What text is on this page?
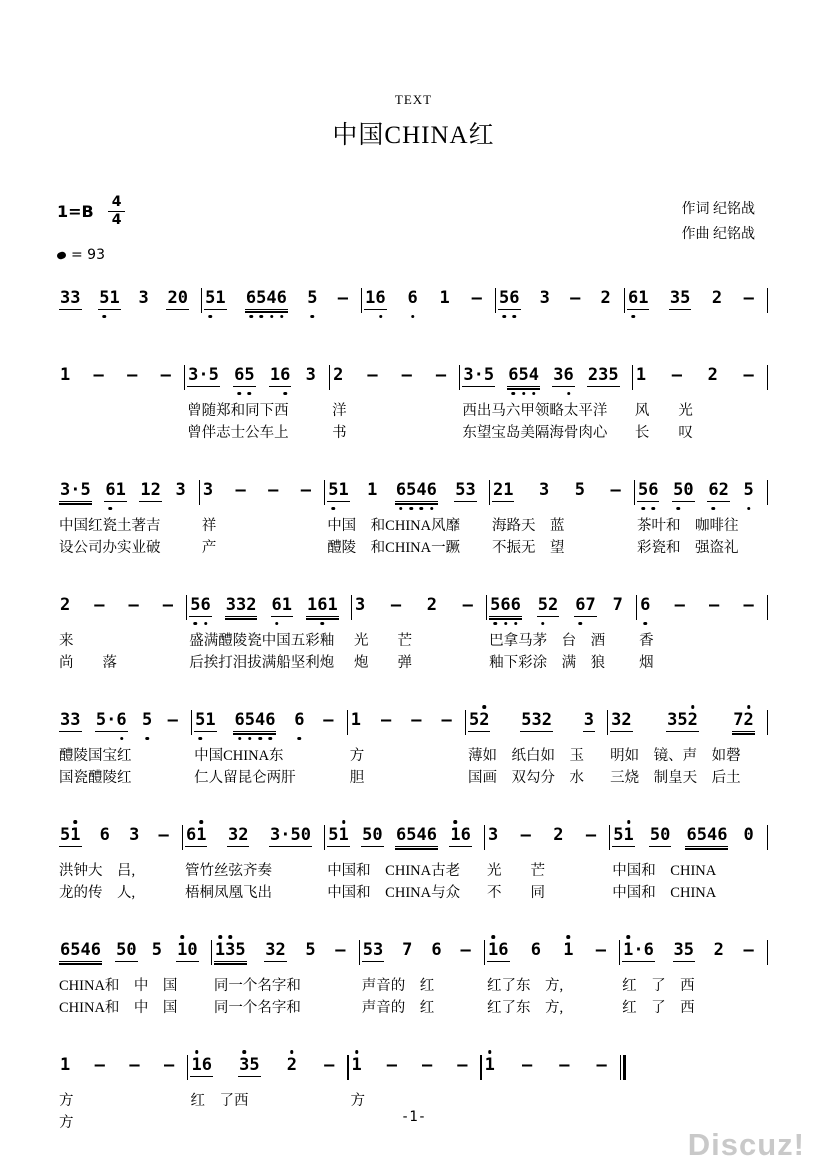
TEXT
中国CHINA红
$1=B \frac{4}{4}$
= 93
作词 纪铭战
作曲 纪铭战
3 3 5 1 3 2 0 5 1 6 5 4 6 5 – 1 6 6 1 – 5 6 3 – 2 6 1 3 5 2 –
1 – – – 3 · 5 6 5 1 6 3
曾随郑和同下西
曾伴志士公车上
2 – – –
洋
书
3 · 5 6 5 4 3 6 2 3 5
西出马六甲领略太平洋
东望宝岛美隔海骨肉心
1 – 2 –
风　　光
长　　叹
3 · 5 6 1 1 2 3
中国红瓷土著吉
设公司办实业破
3 – – –
祥
产
5 1 1 6 5 4 6 5 3
中国　和CHINA风靡
醴陵　和CHINA一蹶
2 1 3 5 –
海路天　蓝
不振无　望
5 6 5 0 6 2 5
茶叶和　咖啡往
彩瓷和　强盗礼
2 – – –
来
尚　　落
5 6 3 3 2 6 1 1 6 1
盛满醴陵瓷中国五彩釉
后挨打泪拔满船坚利炮
3 – 2 –
光　　芒
炮　　弹
5 6 6 5 2 6 7 7
巴拿马茅　台　酒
釉下彩涂　满　狼
6 – – –
香
烟
3 3 5 · 6 5 –
醴陵国宝红
国瓷醴陵红
5 1 6 5 4 6 6 –
中国CHINA东
仁人留昆仑两肝
1 – – –
方
胆
5 2 5 3 2 3
薄如　纸白如　玉
国画　双勾分　水
3 2 3 5 2 7 2
明如　镜、声　如磬
三烧　制皇天　后土
5 1 6 3 –
洪钟大　吕,
龙的传　人,
6 1 3 2 3 · 5 0
管竹丝弦齐奏
梧桐凤凰飞出
5 1 5 0 6 5 4 6 1 6
中国和　CHINA古老
中国和　CHINA与众
3 – 2 –
光　　芒
不　　同
5 1 5 0 6 5 4 6 0
中国和　CHINA
中国和　CHINA
6 5 4 6 5 0 5 1 0
CHINA和　中　国
CHINA和　中　国
1 3 5 3 2 5 –
同一个名字和
同一个名字和
5 3 7 6 –
声音的　红
声音的　红
1 6 6 1 –
红了东　方,
红了东　方,
1 · 6 3 5 2 –
红　了　西
红　了　西
1 – – –
方
方
1 6 3 5 2 –
红　了西
1 – – –
方
1 – – –
-1-
Discuz!
